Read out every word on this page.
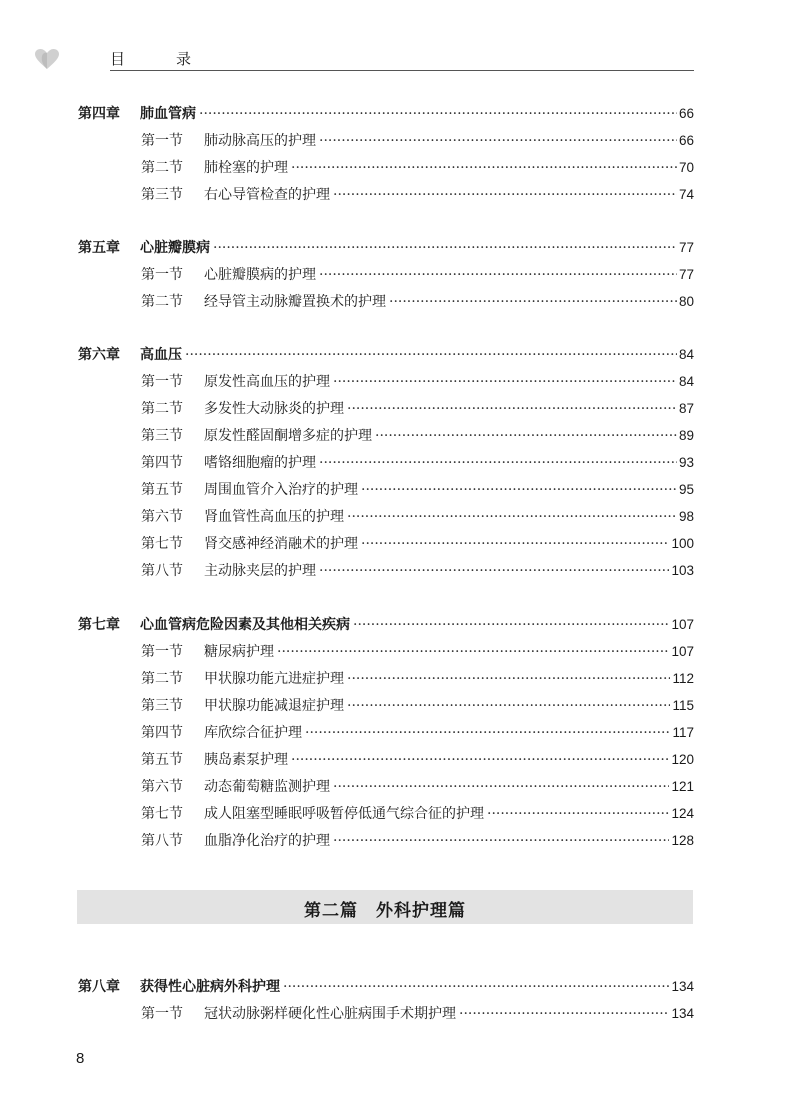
目　录
第四章 肺血管病 ·····	66
第一节 肺动脉高压的护理 ·····	66
第二节 肺栓塞的护理 ·····	70
第三节 右心导管检查的护理 ·····	74
第五章 心脏瓣膜病 ·····	77
第一节 心脏瓣膜病的护理 ·····	77
第二节 经导管主动脉瓣置换术的护理 ·····	80
第六章 高血压 ·····	84
第一节 原发性高血压的护理 ·····	84
第二节 多发性大动脉炎的护理 ·····	87
第三节 原发性醛固酮增多症的护理 ·····	89
第四节 嗜铬细胞瘤的护理 ·····	93
第五节 周围血管介入治疗的护理 ·····	95
第六节 肾血管性高血压的护理 ·····	98
第七节 肾交感神经消融术的护理 ·····	100
第八节 主动脉夹层的护理 ·····	103
第七章 心血管病危险因素及其他相关疾病 ·····	107
第一节 糖尿病护理 ·····	107
第二节 甲状腺功能亢进症护理 ·····	112
第三节 甲状腺功能减退症护理 ·····	115
第四节 库欣综合征护理 ·····	117
第五节 胰岛素泵护理 ·····	120
第六节 动态葡萄糖监测护理 ·····	121
第七节 成人阻塞型睡眠呼吸暂停低通气综合征的护理 ·····	124
第八节 血脂净化治疗的护理 ·····	128
第八章 获得性心脏病外科护理 ·····	134
第一节 冠状动脉粥样硬化性心脏病围手术期护理 ·····	134
第二篇　外科护理篇
8
